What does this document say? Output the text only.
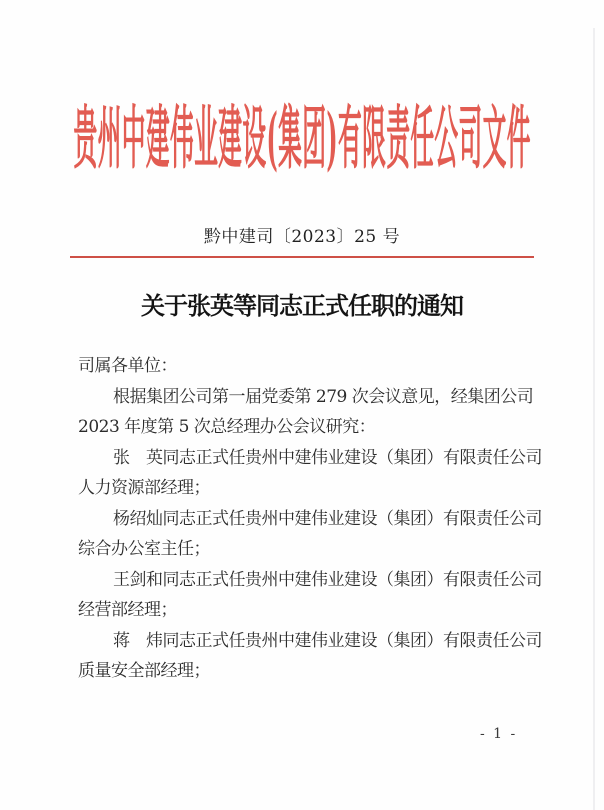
贵州中建伟业建设(集团)有限责任公司文件
黔中建司〔2023〕25 号
关于张英等同志正式任职的通知
司属各单位：
根据集团公司第一届党委第 279 次会议意见，经集团公司
2023 年度第 5 次总经理办公会议研究：
张　英同志正式任贵州中建伟业建设（集团）有限责任公司
人力资源部经理；
杨绍灿同志正式任贵州中建伟业建设（集团）有限责任公司
综合办公室主任；
王剑和同志正式任贵州中建伟业建设（集团）有限责任公司
经营部经理；
蒋　炜同志正式任贵州中建伟业建设（集团）有限责任公司
质量安全部经理；
- 1 -
